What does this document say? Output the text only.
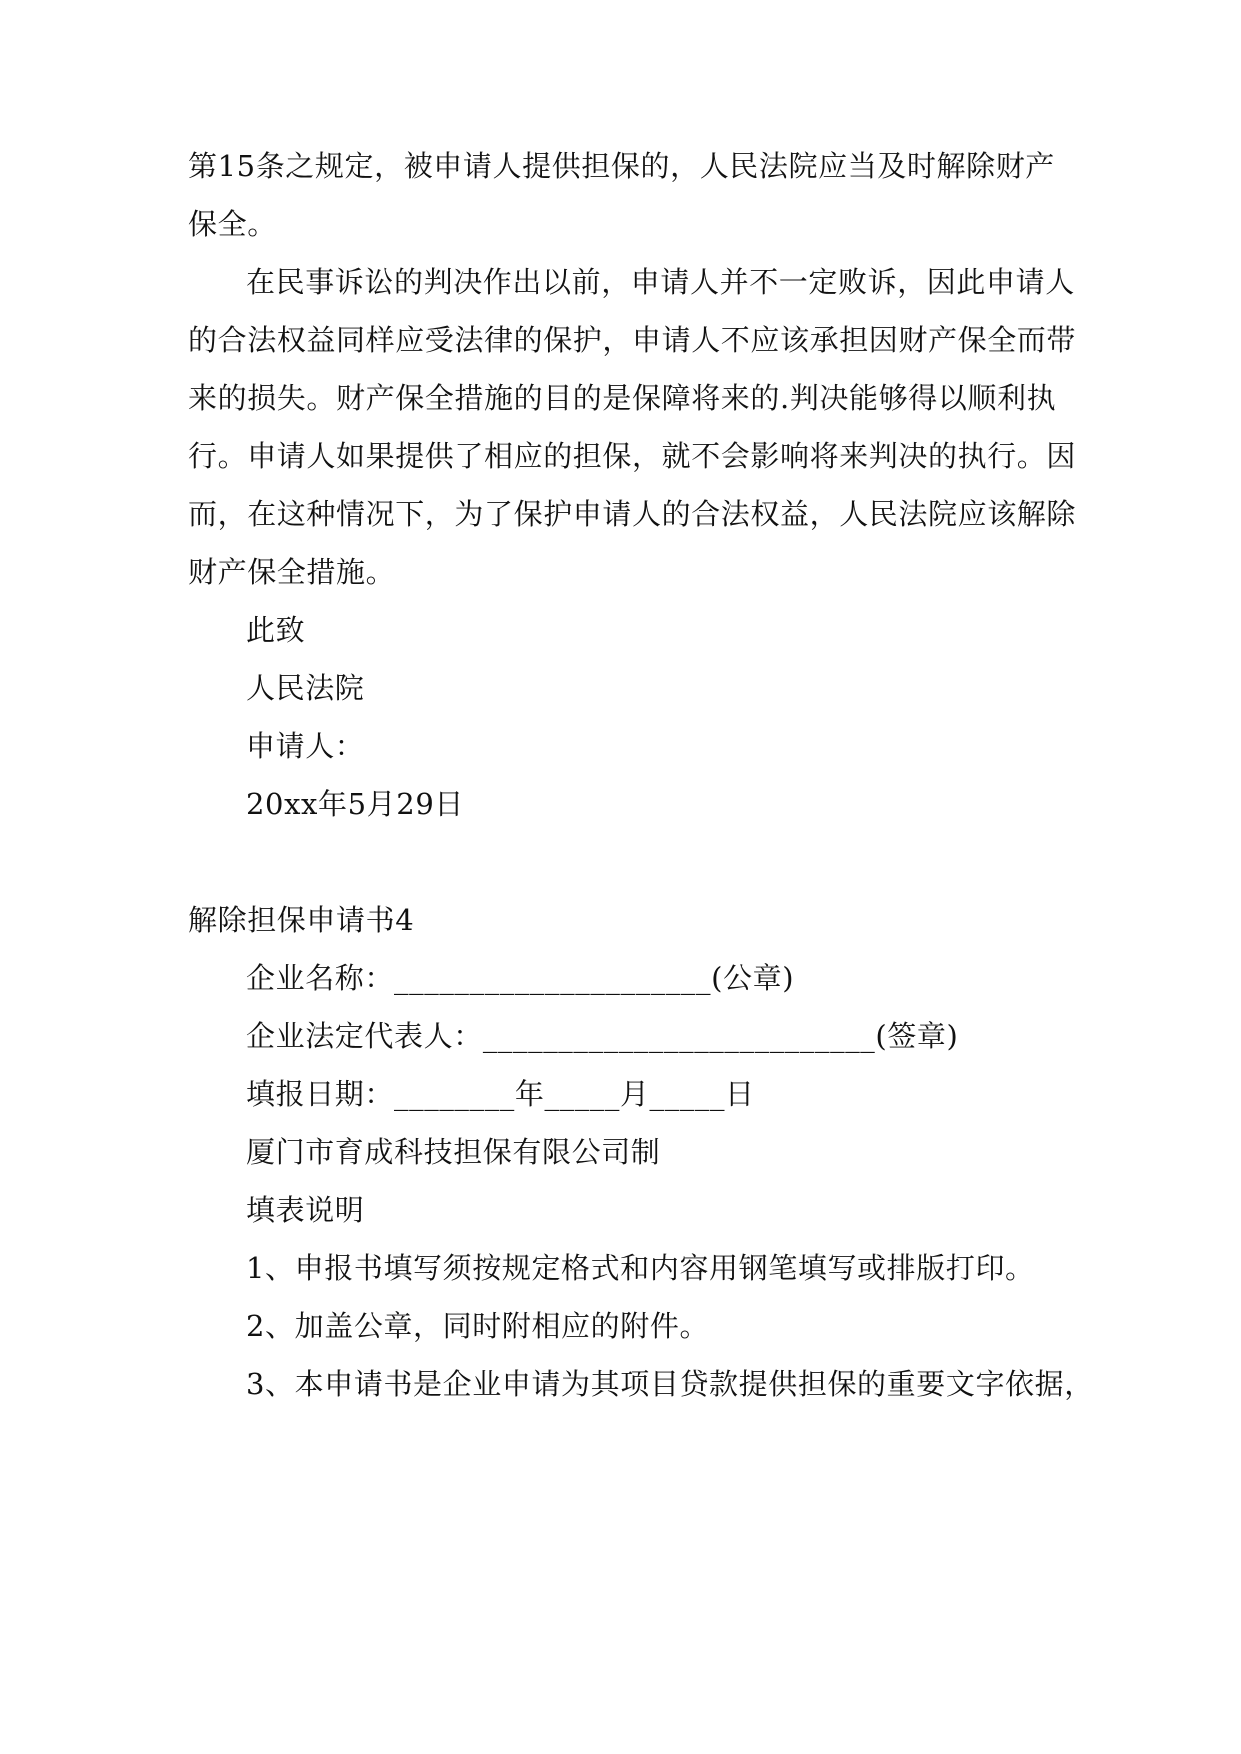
第15条之规定，被申请人提供担保的，人民法院应当及时解除财产
保全。
在民事诉讼的判决作出以前，申请人并不一定败诉，因此申请人
的合法权益同样应受法律的保护，申请人不应该承担因财产保全而带
来的损失。财产保全措施的目的是保障将来的.判决能够得以顺利执
行。申请人如果提供了相应的担保，就不会影响将来判决的执行。因
而，在这种情况下，为了保护申请人的合法权益，人民法院应该解除
财产保全措施。
此致
人民法院
申请人：
20xx年5月29日
解除担保申请书4
企业名称：_____________________(公章)
企业法定代表人：__________________________(签章)
填报日期：________年_____月_____日
厦门市育成科技担保有限公司制
填表说明
1、申报书填写须按规定格式和内容用钢笔填写或排版打印。
2、加盖公章，同时附相应的附件。
3、本申请书是企业申请为其项目贷款提供担保的重要文字依据，
